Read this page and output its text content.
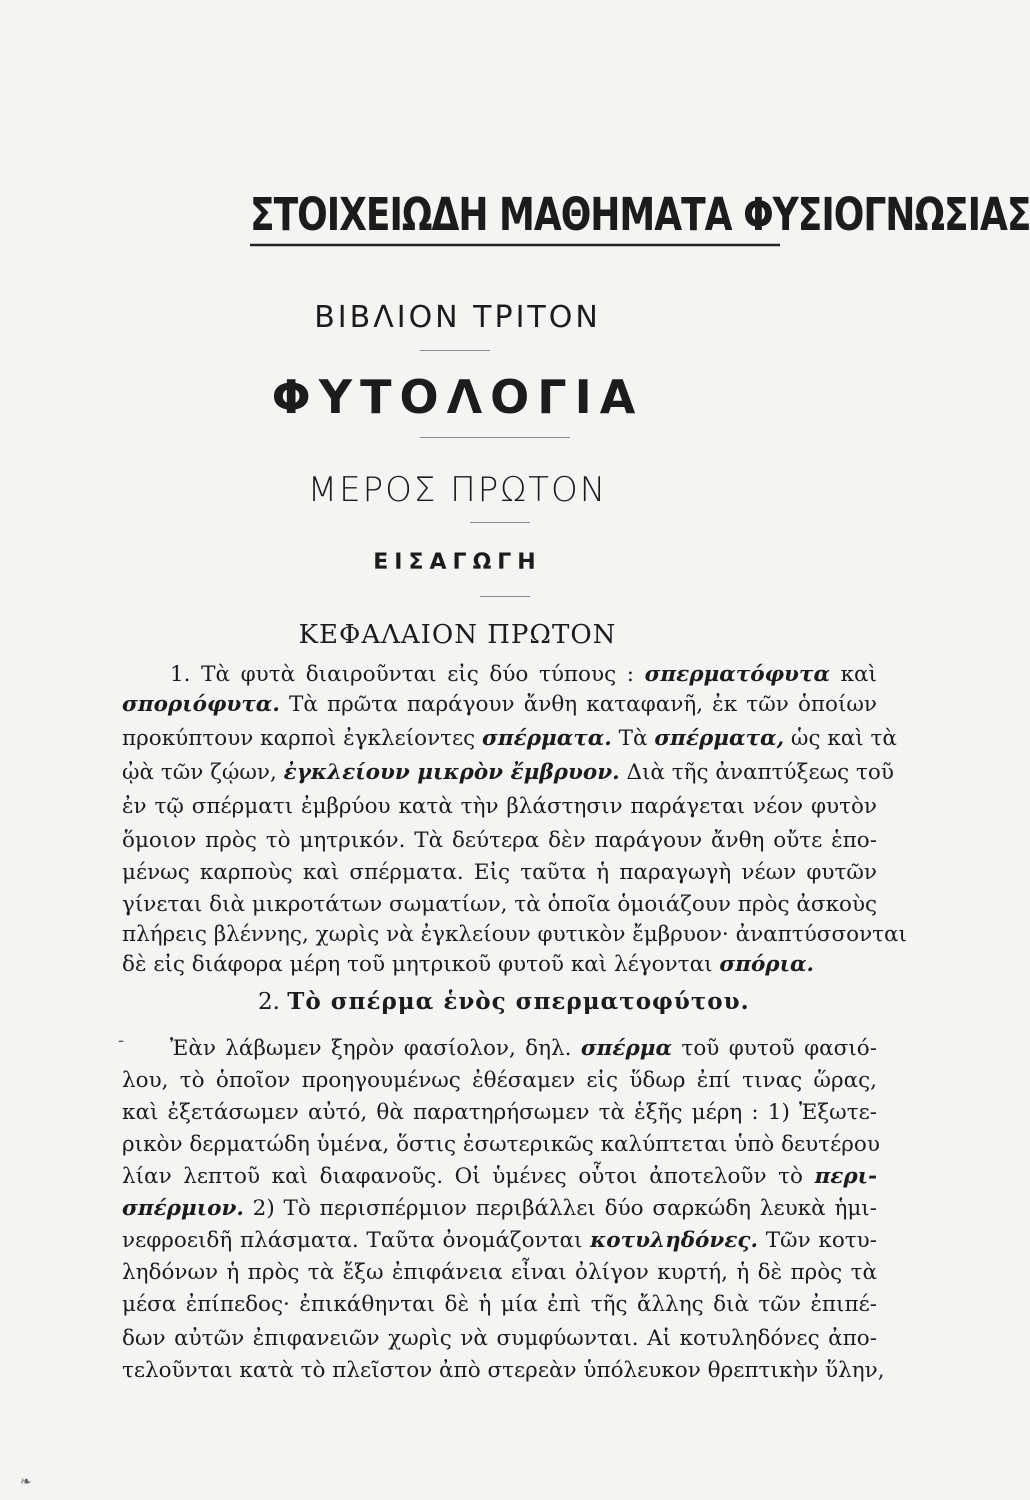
ΣΤΟΙΧΕΙΩΔΗ ΜΑΘΗΜΑΤΑ ΦΥΣΙΟΓΝΩΣΙΑΣ
ΒΙΒΛΙΟΝ ΤΡΙΤΟΝ
ΦΥΤΟΛΟΓΙΑ
ΜΕΡΟΣ ΠΡΩΤΟΝ
ΕΙΣΑΓΩΓΗ
ΚΕΦΑΛΑΙΟΝ ΠΡΩΤΟΝ
1. Τὰ φυτὰ διαιροῦνται εἰς δύο τύπους : σπερματόφυτα καὶ
σποριόφυτα. Τὰ πρῶτα παράγουν ἄνθη καταφανῆ, ἐκ τῶν ὁποίων
προκύπτουν καρποὶ ἐγκλείοντες σπέρματα. Τὰ σπέρματα, ὡς καὶ τὰ
ᾠὰ τῶν ζῴων, ἐγκλείουν μικρὸν ἔμβρυον. Διὰ τῆς ἀναπτύξεως τοῦ
ἐν τῷ σπέρματι ἐμβρύου κατὰ τὴν βλάστησιν παράγεται νέον φυτὸν
ὅμοιον πρὸς τὸ μητρικόν. Τὰ δεύτερα δὲν παράγουν ἄνθη οὔτε ἑπο-
μένως καρποὺς καὶ σπέρματα. Εἰς ταῦτα ἡ παραγωγὴ νέων φυτῶν
γίνεται διὰ μικροτάτων σωματίων, τὰ ὁποῖα ὁμοιάζουν πρὸς ἀσκοὺς
πλήρεις βλέννης, χωρὶς νὰ ἐγκλείουν φυτικὸν ἔμβρυον· ἀναπτύσσονται
δὲ εἰς διάφορα μέρη τοῦ μητρικοῦ φυτοῦ καὶ λέγονται σπόρια.
2. Τὸ σπέρμα ἑνὸς σπερματοφύτου.
- Ἐὰν λάβωμεν ξηρὸν φασίολον, δηλ. σπέρμα τοῦ φυτοῦ φασιό-
λου, τὸ ὁποῖον προηγουμένως ἐθέσαμεν εἰς ὕδωρ ἐπί τινας ὥρας,
καὶ ἐξετάσωμεν αὐτό, θὰ παρατηρήσωμεν τὰ ἑξῆς μέρη : 1) Ἐξωτε-
ρικὸν δερματώδη ὑμένα, ὅστις ἐσωτερικῶς καλύπτεται ὑπὸ δευτέρου
λίαν λεπτοῦ καὶ διαφανοῦς. Οἱ ὑμένες οὗτοι ἀποτελοῦν τὸ περι-
σπέρμιον. 2) Τὸ περισπέρμιον περιβάλλει δύο σαρκώδη λευκὰ ἡμι-
νεφροειδῆ πλάσματα. Ταῦτα ὀνομάζονται κοτυληδόνες. Τῶν κοτυ-
ληδόνων ἡ πρὸς τὰ ἔξω ἐπιφάνεια εἶναι ὀλίγον κυρτή, ἡ δὲ πρὸς τὰ
μέσα ἐπίπεδος· ἐπικάθηνται δὲ ἡ μία ἐπὶ τῆς ἄλλης διὰ τῶν ἐπιπέ-
δων αὐτῶν ἐπιφανειῶν χωρὶς νὰ συμφύωνται. Αἱ κοτυληδόνες ἀπο-
τελοῦνται κατὰ τὸ πλεῖστον ἀπὸ στερεὰν ὑπόλευκον θρεπτικὴν ὕλην,
❧
